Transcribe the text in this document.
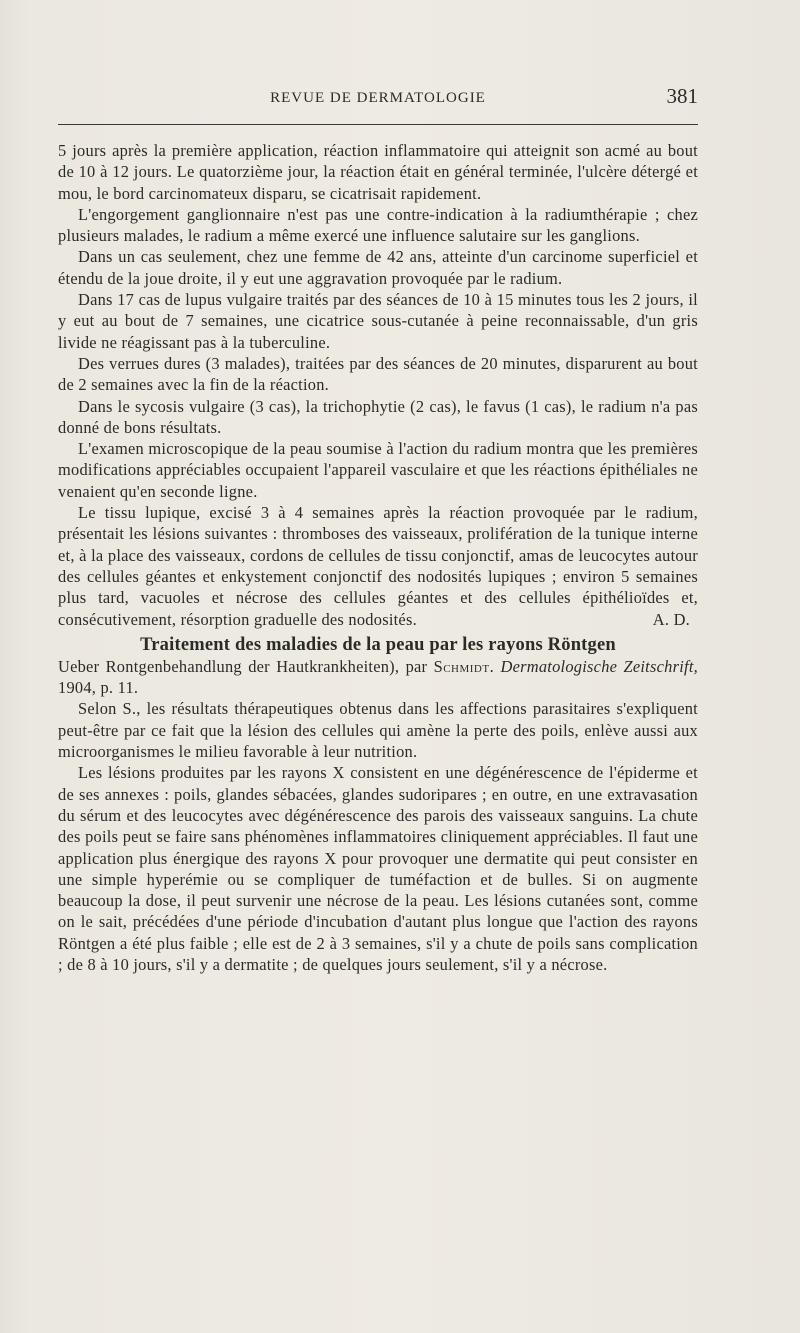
REVUE DE DERMATOLOGIE	381

5 jours après la première application, réaction inflammatoire qui atteignit son acmé au bout de 10 à 12 jours. Le quatorzième jour, la réaction était en général terminée, l'ulcère détergé et mou, le bord carcinomateux disparu, se cicatrisait rapidement.

L'engorgement ganglionnaire n'est pas une contre-indication à la radiumthérapie ; chez plusieurs malades, le radium a même exercé une influence salutaire sur les ganglions.

Dans un cas seulement, chez une femme de 42 ans, atteinte d'un carcinome superficiel et étendu de la joue droite, il y eut une aggravation provoquée par le radium.

Dans 17 cas de lupus vulgaire traités par des séances de 10 à 15 minutes tous les 2 jours, il y eut au bout de 7 semaines, une cicatrice sous-cutanée à peine reconnaissable, d'un gris livide ne réagissant pas à la tuberculine.

Des verrues dures (3 malades), traitées par des séances de 20 minutes, disparurent au bout de 2 semaines avec la fin de la réaction.

Dans le sycosis vulgaire (3 cas), la trichophytie (2 cas), le favus (1 cas), le radium n'a pas donné de bons résultats.

L'examen microscopique de la peau soumise à l'action du radium montra que les premières modifications appréciables occupaient l'appareil vasculaire et que les réactions épithéliales ne venaient qu'en seconde ligne.

Le tissu lupique, excisé 3 à 4 semaines après la réaction provoquée par le radium, présentait les lésions suivantes : thromboses des vaisseaux, prolifération de la tunique interne et, à la place des vaisseaux, cordons de cellules de tissu conjonctif, amas de leucocytes autour des cellules géantes et enkystement conjonctif des nodosités lupiques ; environ 5 semaines plus tard, vacuoles et nécrose des cellules géantes et des cellules épithélioïdes et, consécutivement, résorption graduelle des nodosités.	A. D.

Traitement des maladies de la peau par les rayons Röntgen

Ueber Rontgenbehandlung der Hautkrankheiten), par Schmidt. Dermatologische Zeitschrift, 1904, p. 11.

Selon S., les résultats thérapeutiques obtenus dans les affections parasitaires s'expliquent peut-être par ce fait que la lésion des cellules qui amène la perte des poils, enlève aussi aux microorganismes le milieu favorable à leur nutrition.

Les lésions produites par les rayons X consistent en une dégénérescence de l'épiderme et de ses annexes : poils, glandes sébacées, glandes sudoripares ; en outre, en une extravasation du sérum et des leucocytes avec dégénérescence des parois des vaisseaux sanguins. La chute des poils peut se faire sans phénomènes inflammatoires cliniquement appréciables. Il faut une application plus énergique des rayons X pour provoquer une dermatite qui peut consister en une simple hyperémie ou se compliquer de tuméfaction et de bulles. Si on augmente beaucoup la dose, il peut survenir une nécrose de la peau. Les lésions cutanées sont, comme on le sait, précédées d'une période d'incubation d'autant plus longue que l'action des rayons Röntgen a été plus faible ; elle est de 2 à 3 semaines, s'il y a chute de poils sans complication ; de 8 à 10 jours, s'il y a dermatite ; de quelques jours seulement, s'il y a nécrose.
